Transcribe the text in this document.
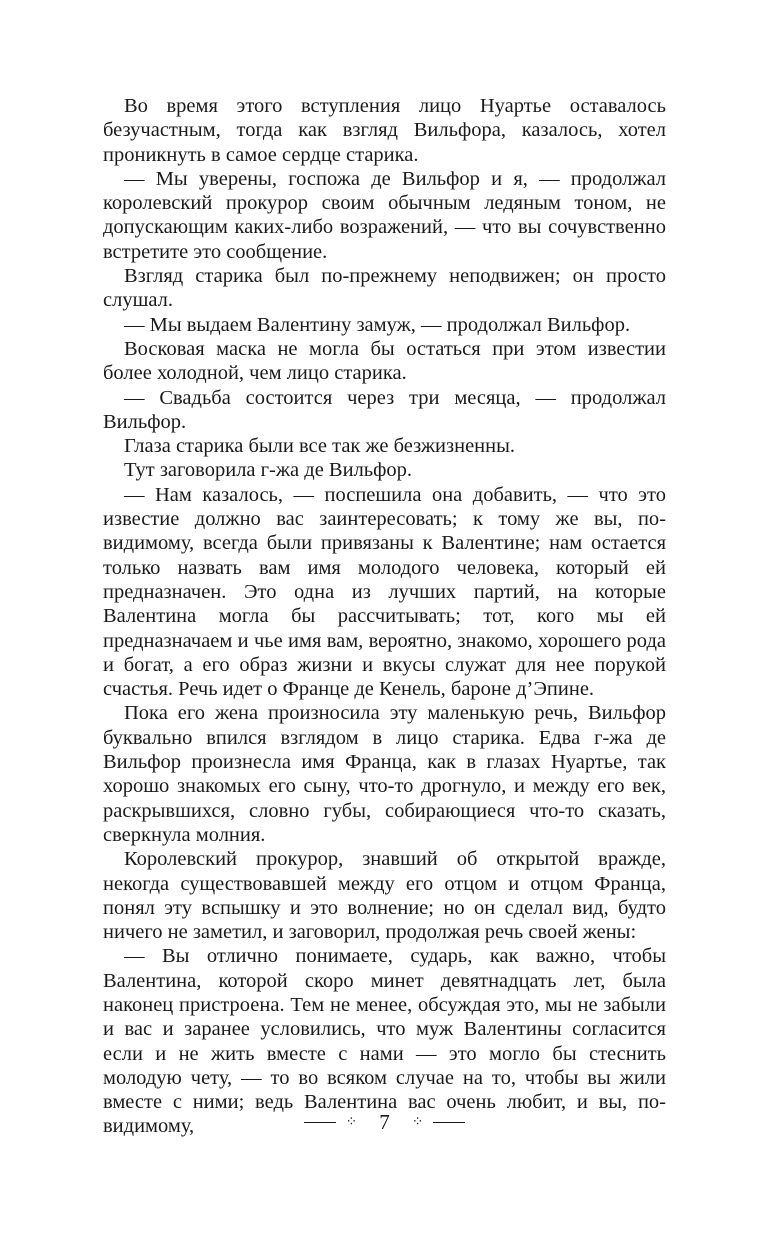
Во время этого вступления лицо Нуартье оставалось безучастным, тогда как взгляд Вильфора, казалось, хотел проникнуть в самое сердце старика.

— Мы уверены, госпожа де Вильфор и я, — продолжал королевский прокурор своим обычным ледяным тоном, не допускающим каких-либо возражений, — что вы сочувственно встретите это сообщение.

Взгляд старика был по-прежнему неподвижен; он просто слушал.

— Мы выдаем Валентину замуж, — продолжал Вильфор.

Восковая маска не могла бы остаться при этом известии более холодной, чем лицо старика.

— Свадьба состоится через три месяца, — продолжал Вильфор.

Глаза старика были все так же безжизненны.

Тут заговорила г-жа де Вильфор.

— Нам казалось, — поспешила она добавить, — что это известие должно вас заинтересовать; к тому же вы, по-видимому, всегда были привязаны к Валентине; нам остается только назвать вам имя молодого человека, который ей предназначен. Это одна из лучших партий, на которые Валентина могла бы рассчитывать; тот, кого мы ей предназначаем и чье имя вам, вероятно, знакомо, хорошего рода и богат, а его образ жизни и вкусы служат для нее порукой счастья. Речь идет о Франце де Кенель, бароне д’Эпине.

Пока его жена произносила эту маленькую речь, Вильфор буквально впился взглядом в лицо старика. Едва г-жа де Вильфор произнесла имя Франца, как в глазах Нуартье, так хорошо знакомых его сыну, что-то дрогнуло, и между его век, раскрывшихся, словно губы, собирающиеся что-то сказать, сверкнула молния.

Королевский прокурор, знавший об открытой вражде, некогда существовавшей между его отцом и отцом Франца, понял эту вспышку и это волнение; но он сделал вид, будто ничего не заметил, и заговорил, продолжая речь своей жены:

— Вы отлично понимаете, сударь, как важно, чтобы Валентина, которой скоро минет девятнадцать лет, была наконец пристроена. Тем не менее, обсуждая это, мы не забыли и вас и заранее условились, что муж Валентины согласится если и не жить вместе с нами — это могло бы стеснить молодую чету, — то во всяком случае на то, чтобы вы жили вместе с ними; ведь Валентина вас очень любит, и вы, по-видимому,	⁘	7	⁘
